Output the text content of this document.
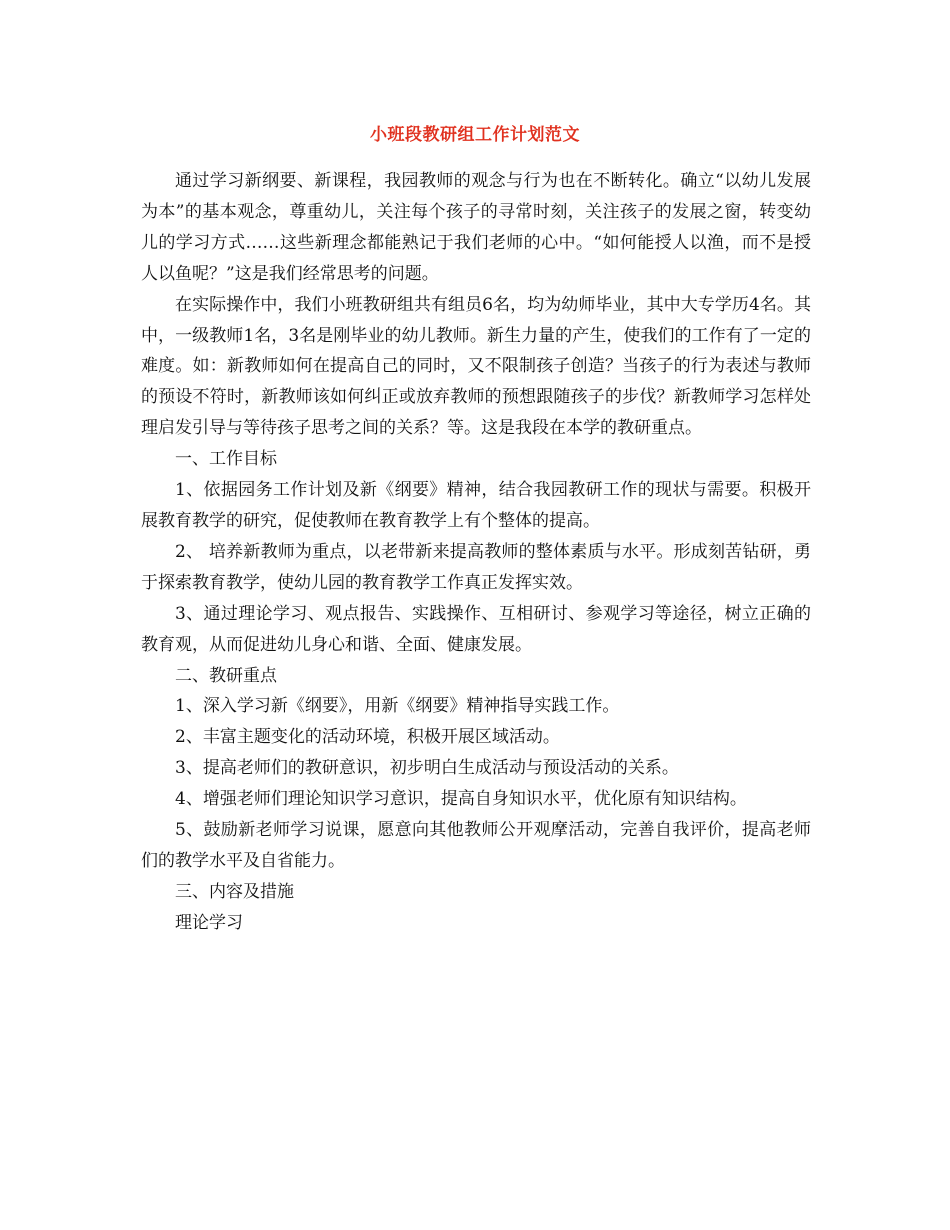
小班段教研组工作计划范文

通过学习新纲要、新课程，我园教师的观念与行为也在不断转化。确立“以幼儿发展为本”的基本观念，尊重幼儿，关注每个孩子的寻常时刻，关注孩子的发展之窗，转变幼儿的学习方式……这些新理念都能熟记于我们老师的心中。“如何能授人以渔，而不是授人以鱼呢？”这是我们经常思考的问题。

在实际操作中，我们小班教研组共有组员6名，均为幼师毕业，其中大专学历4名。其中，一级教师1名，3名是刚毕业的幼儿教师。新生力量的产生，使我们的工作有了一定的难度。如：新教师如何在提高自己的同时，又不限制孩子创造？当孩子的行为表述与教师的预设不符时，新教师该如何纠正或放弃教师的预想跟随孩子的步伐？新教师学习怎样处理启发引导与等待孩子思考之间的关系？等。这是我段在本学的教研重点。

一、工作目标

1、依据园务工作计划及新《纲要》精神，结合我园教研工作的现状与需要。积极开展教育教学的研究，促使教师在教育教学上有个整体的提高。

2、 培养新教师为重点，以老带新来提高教师的整体素质与水平。形成刻苦钻研，勇于探索教育教学，使幼儿园的教育教学工作真正发挥实效。

3、通过理论学习、观点报告、实践操作、互相研讨、参观学习等途径，树立正确的教育观，从而促进幼儿身心和谐、全面、健康发展。

二、教研重点

1、深入学习新《纲要》，用新《纲要》精神指导实践工作。

2、丰富主题变化的活动环境，积极开展区域活动。

3、提高老师们的教研意识，初步明白生成活动与预设活动的关系。

4、增强老师们理论知识学习意识，提高自身知识水平，优化原有知识结构。

5、鼓励新老师学习说课，愿意向其他教师公开观摩活动，完善自我评价，提高老师们的教学水平及自省能力。

三、内容及措施

理论学习
